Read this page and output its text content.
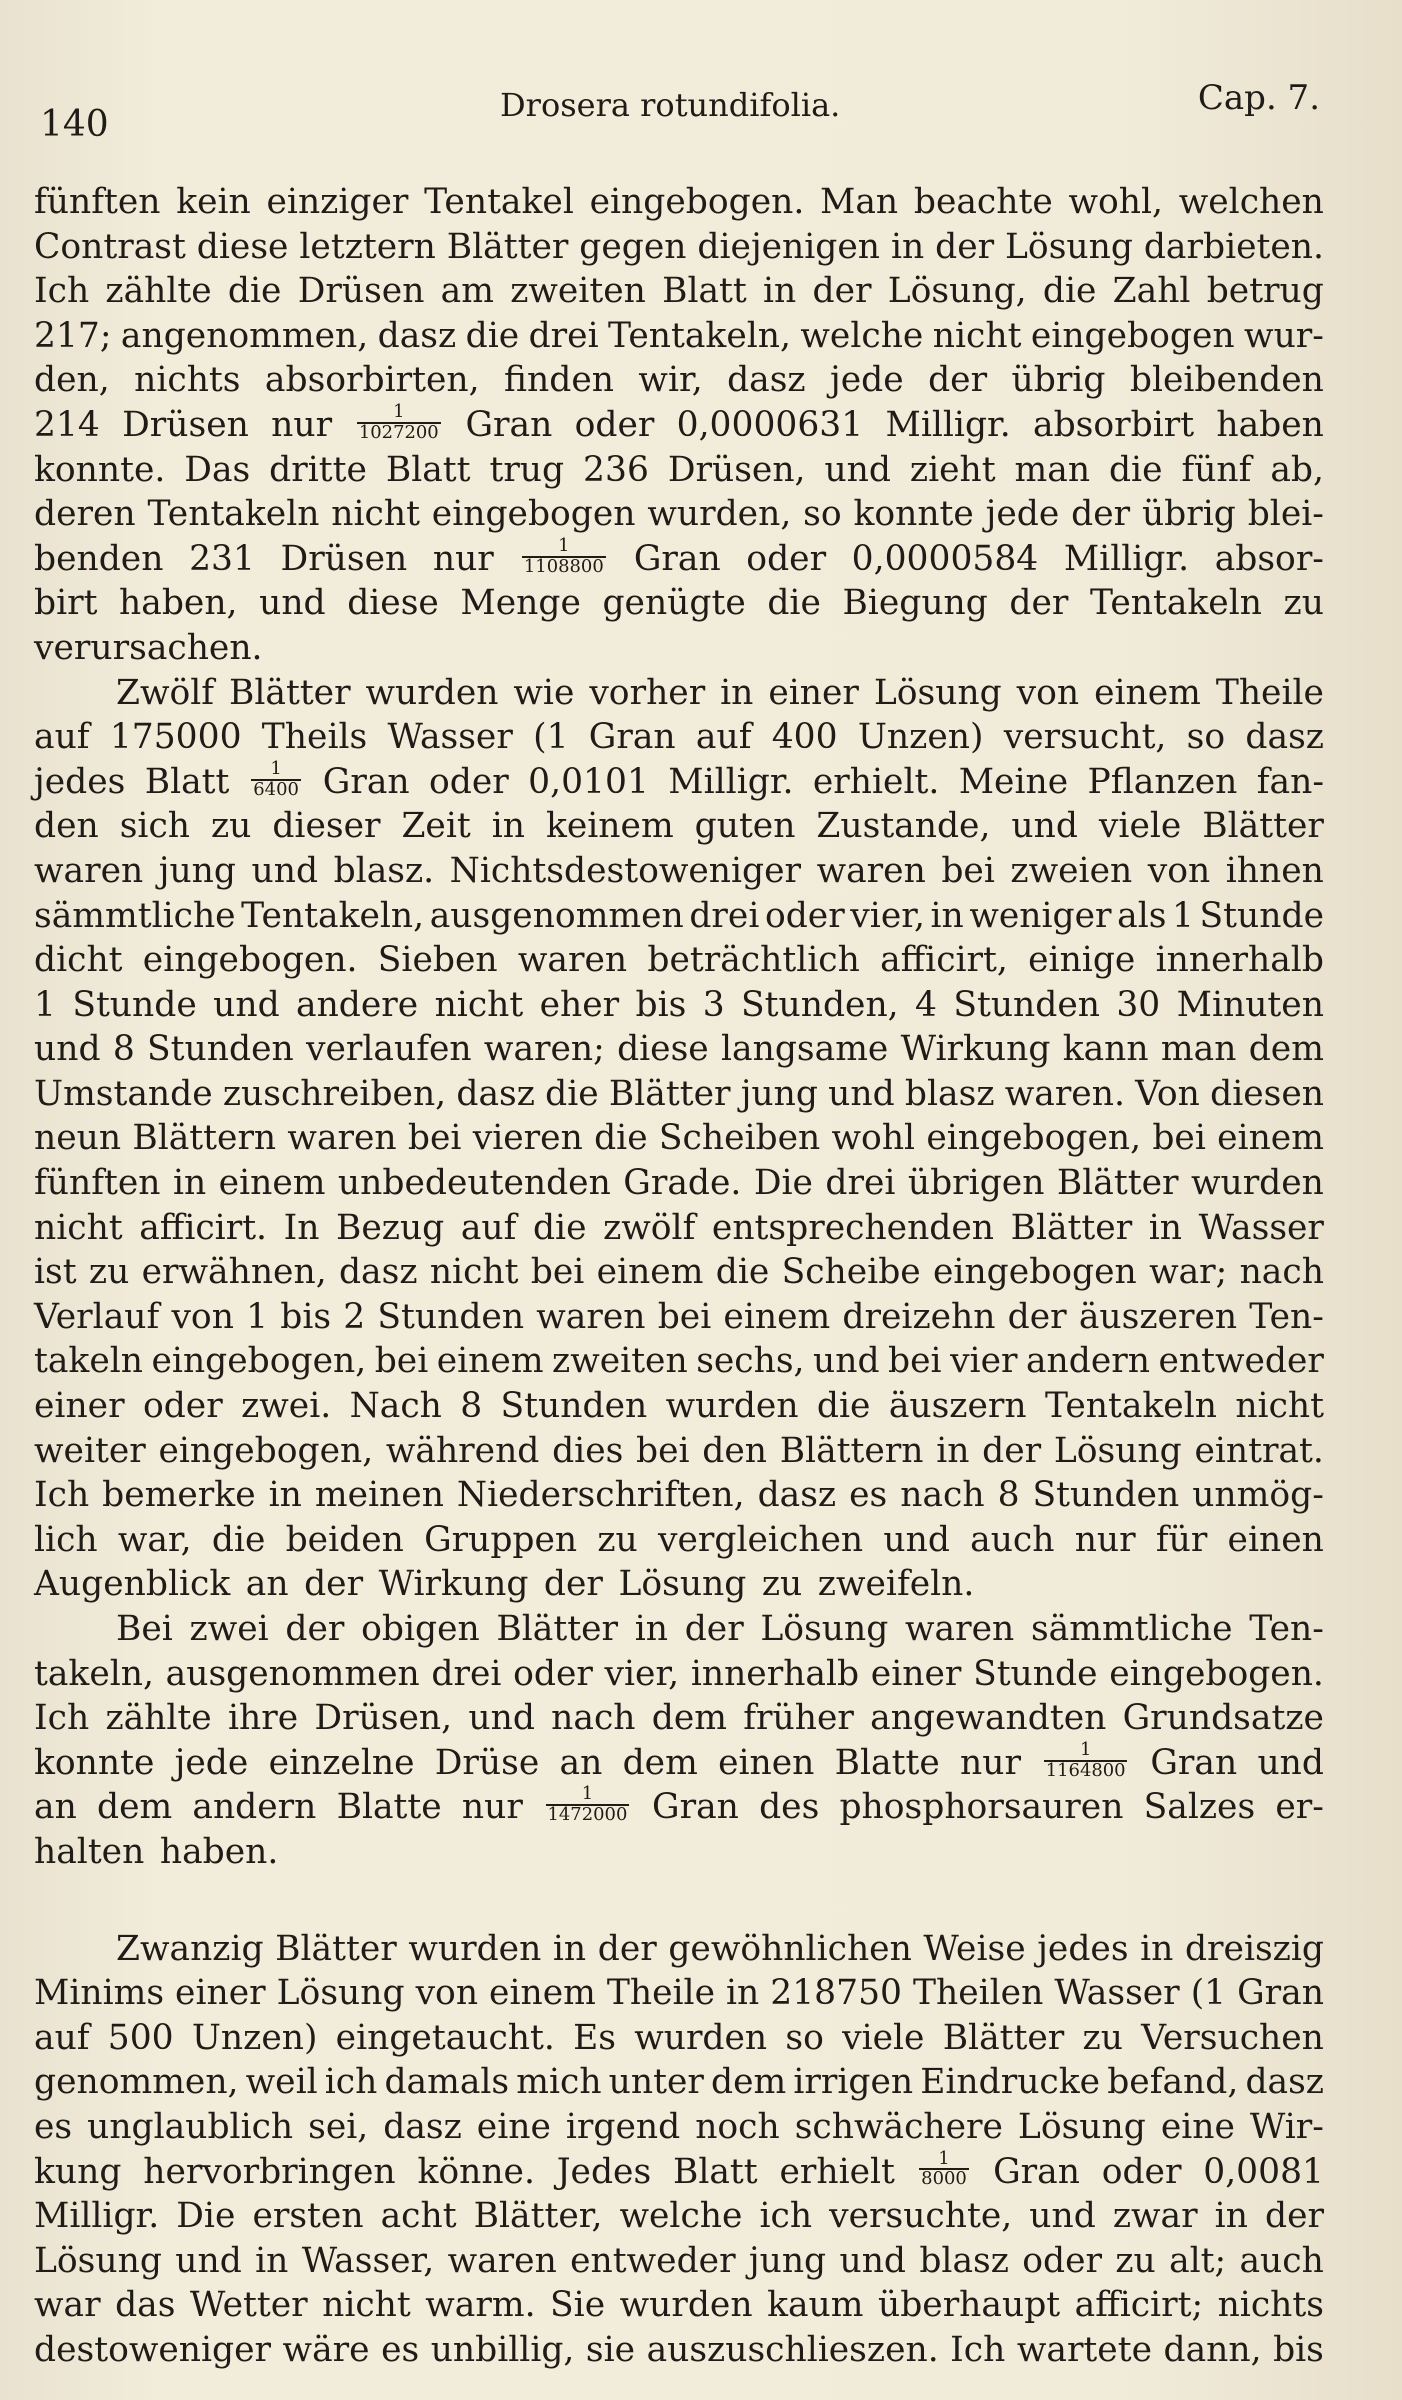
140	Drosera rotundifolia.	Cap. 7.
fünften kein einziger Tentakel eingebogen. Man beachte wohl, welchen
Contrast diese letztern Blätter gegen diejenigen in der Lösung darbieten.
Ich zählte die Drüsen am zweiten Blatt in der Lösung, die Zahl betrug
217; angenommen, dasz die drei Tentakeln, welche nicht eingebogen wur-
den, nichts absorbirten, finden wir, dasz jede der übrig bleibenden
214 Drüsen nur $\frac{1}{1027200}$ Gran oder 0,0000631 Milligr. absorbirt haben
konnte. Das dritte Blatt trug 236 Drüsen, und zieht man die fünf ab,
deren Tentakeln nicht eingebogen wurden, so konnte jede der übrig blei-
benden 231 Drüsen nur $\frac{1}{1108800}$ Gran oder 0,0000584 Milligr. absor-
birt haben, und diese Menge genügte die Biegung der Tentakeln zu
verursachen.
Zwölf Blätter wurden wie vorher in einer Lösung von einem Theile
auf 175000 Theils Wasser (1 Gran auf 400 Unzen) versucht, so dasz
jedes Blatt $\frac{1}{6400}$ Gran oder 0,0101 Milligr. erhielt. Meine Pflanzen fan-
den sich zu dieser Zeit in keinem guten Zustande, und viele Blätter
waren jung und blasz. Nichtsdestoweniger waren bei zweien von ihnen
sämmtliche Tentakeln, ausgenommen drei oder vier, in weniger als 1 Stunde
dicht eingebogen. Sieben waren beträchtlich afficirt, einige innerhalb
1 Stunde und andere nicht eher bis 3 Stunden, 4 Stunden 30 Minuten
und 8 Stunden verlaufen waren; diese langsame Wirkung kann man dem
Umstande zuschreiben, dasz die Blätter jung und blasz waren. Von diesen
neun Blättern waren bei vieren die Scheiben wohl eingebogen, bei einem
fünften in einem unbedeutenden Grade. Die drei übrigen Blätter wurden
nicht afficirt. In Bezug auf die zwölf entsprechenden Blätter in Wasser
ist zu erwähnen, dasz nicht bei einem die Scheibe eingebogen war; nach
Verlauf von 1 bis 2 Stunden waren bei einem dreizehn der äuszeren Ten-
takeln eingebogen, bei einem zweiten sechs, und bei vier andern entweder
einer oder zwei. Nach 8 Stunden wurden die äuszern Tentakeln nicht
weiter eingebogen, während dies bei den Blättern in der Lösung eintrat.
Ich bemerke in meinen Niederschriften, dasz es nach 8 Stunden unmög-
lich war, die beiden Gruppen zu vergleichen und auch nur für einen
Augenblick an der Wirkung der Lösung zu zweifeln.
Bei zwei der obigen Blätter in der Lösung waren sämmtliche Ten-
takeln, ausgenommen drei oder vier, innerhalb einer Stunde eingebogen.
Ich zählte ihre Drüsen, und nach dem früher angewandten Grundsatze
konnte jede einzelne Drüse an dem einen Blatte nur $\frac{1}{1164800}$ Gran und
an dem andern Blatte nur $\frac{1}{1472000}$ Gran des phosphorsauren Salzes er-
halten haben.
Zwanzig Blätter wurden in der gewöhnlichen Weise jedes in dreiszig
Minims einer Lösung von einem Theile in 218750 Theilen Wasser (1 Gran
auf 500 Unzen) eingetaucht. Es wurden so viele Blätter zu Versuchen
genommen, weil ich damals mich unter dem irrigen Eindrucke befand, dasz
es unglaublich sei, dasz eine irgend noch schwächere Lösung eine Wir-
kung hervorbringen könne. Jedes Blatt erhielt $\frac{1}{8000}$ Gran oder 0,0081
Milligr. Die ersten acht Blätter, welche ich versuchte, und zwar in der
Lösung und in Wasser, waren entweder jung und blasz oder zu alt; auch
war das Wetter nicht warm. Sie wurden kaum überhaupt afficirt; nichts
destoweniger wäre es unbillig, sie auszuschlieszen. Ich wartete dann, bis
